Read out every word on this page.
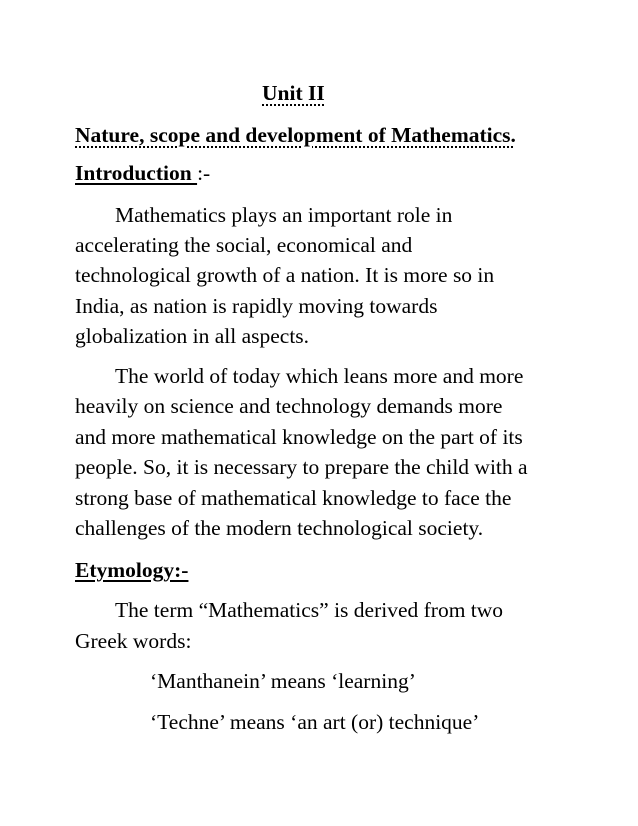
Unit II
Nature, scope and development of Mathematics.
Introduction :-
Mathematics plays an important role in
accelerating the social, economical and
technological growth of a nation. It is more so in
India, as nation is rapidly moving towards
globalization in all aspects.
The world of today which leans more and more
heavily on science and technology demands more
and more mathematical knowledge on the part of its
people. So, it is necessary to prepare the child with a
strong base of mathematical knowledge to face the
challenges of the modern technological society.
Etymology:-
The term “Mathematics” is derived from two
Greek words:
‘Manthanein’ means ‘learning’
‘Techne’ means ‘an art (or) technique’
